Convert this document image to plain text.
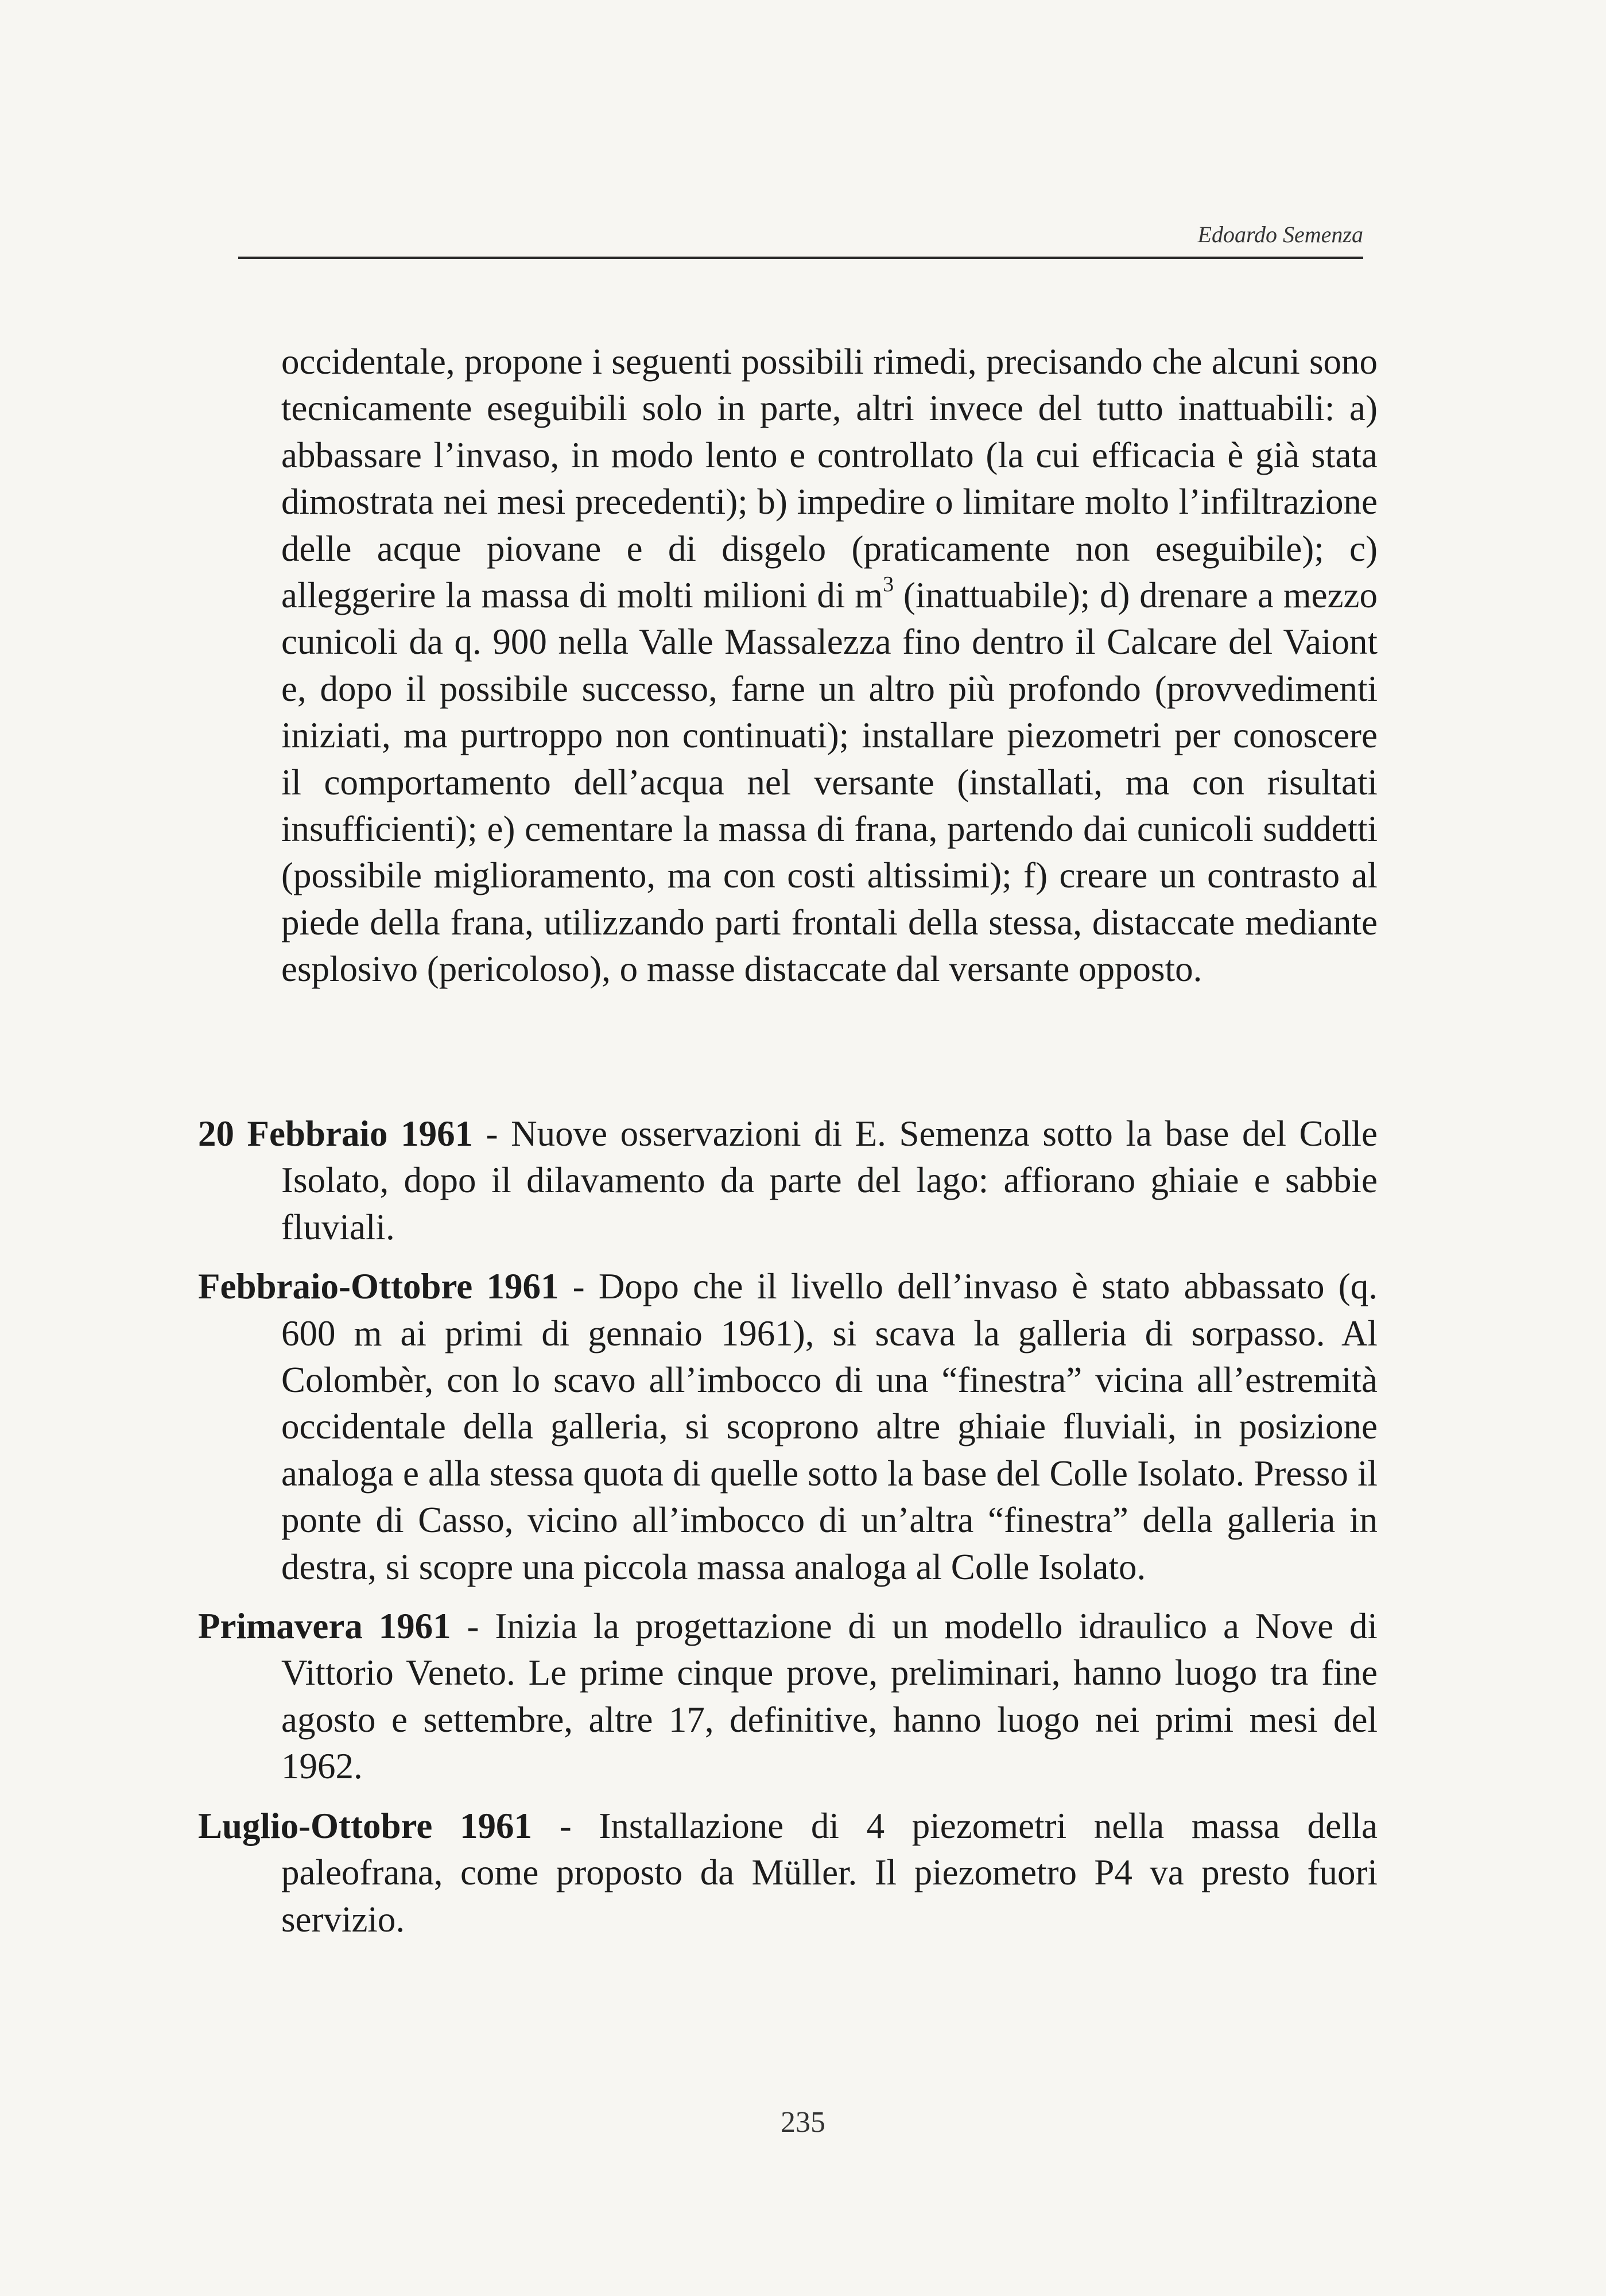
Edoardo Semenza

occidentale, propone i seguenti possibili rimedi, precisando che alcuni sono tecnicamente eseguibili solo in parte, altri invece del tutto inattuabili: a) abbassare l’invaso, in modo lento e controllato (la cui efficacia è già stata dimostrata nei mesi precedenti); b) impedire o limitare molto l’infiltrazione delle acque piovane e di disgelo (praticamente non eseguibile); c) alleggerire la massa di molti milioni di $m^3$ (inattuabile); d) drenare a mezzo cunicoli da q. 900 nella Valle Massalezza fino dentro il Calcare del Vaiont e, dopo il possibile successo, farne un altro più profondo (provvedimenti iniziati, ma purtroppo non continuati); installare piezometri per conoscere il comportamento dell’acqua nel versante (installati, ma con risultati insufficienti); e) cementare la massa di frana, partendo dai cunicoli suddetti (possibile miglioramento, ma con costi altissimi); f) creare un contrasto al piede della frana, utilizzando parti frontali della stessa, distaccate mediante esplosivo (pericoloso), o masse distaccate dal versante opposto.

20 Febbraio 1961 - Nuove osservazioni di E. Semenza sotto la base del Colle Isolato, dopo il dilavamento da parte del lago: affiorano ghiaie e sabbie fluviali.

Febbraio-Ottobre 1961 - Dopo che il livello dell’invaso è stato abbassato (q. 600 m ai primi di gennaio 1961), si scava la galleria di sorpasso. Al Colombèr, con lo scavo all’imbocco di una “finestra” vicina all’estremità occidentale della galleria, si scoprono altre ghiaie fluviali, in posizione analoga e alla stessa quota di quelle sotto la base del Colle Isolato. Presso il ponte di Casso, vicino all’imbocco di un’altra “finestra” della galleria in destra, si scopre una piccola massa analoga al Colle Isolato.

Primavera 1961 - Inizia la progettazione di un modello idraulico a Nove di Vittorio Veneto. Le prime cinque prove, preliminari, hanno luogo tra fine agosto e settembre, altre 17, definitive, hanno luogo nei primi mesi del 1962.

Luglio-Ottobre 1961 - Installazione di 4 piezometri nella massa della paleofrana, come proposto da Müller. Il piezometro P4 va presto fuori servizio.

235
